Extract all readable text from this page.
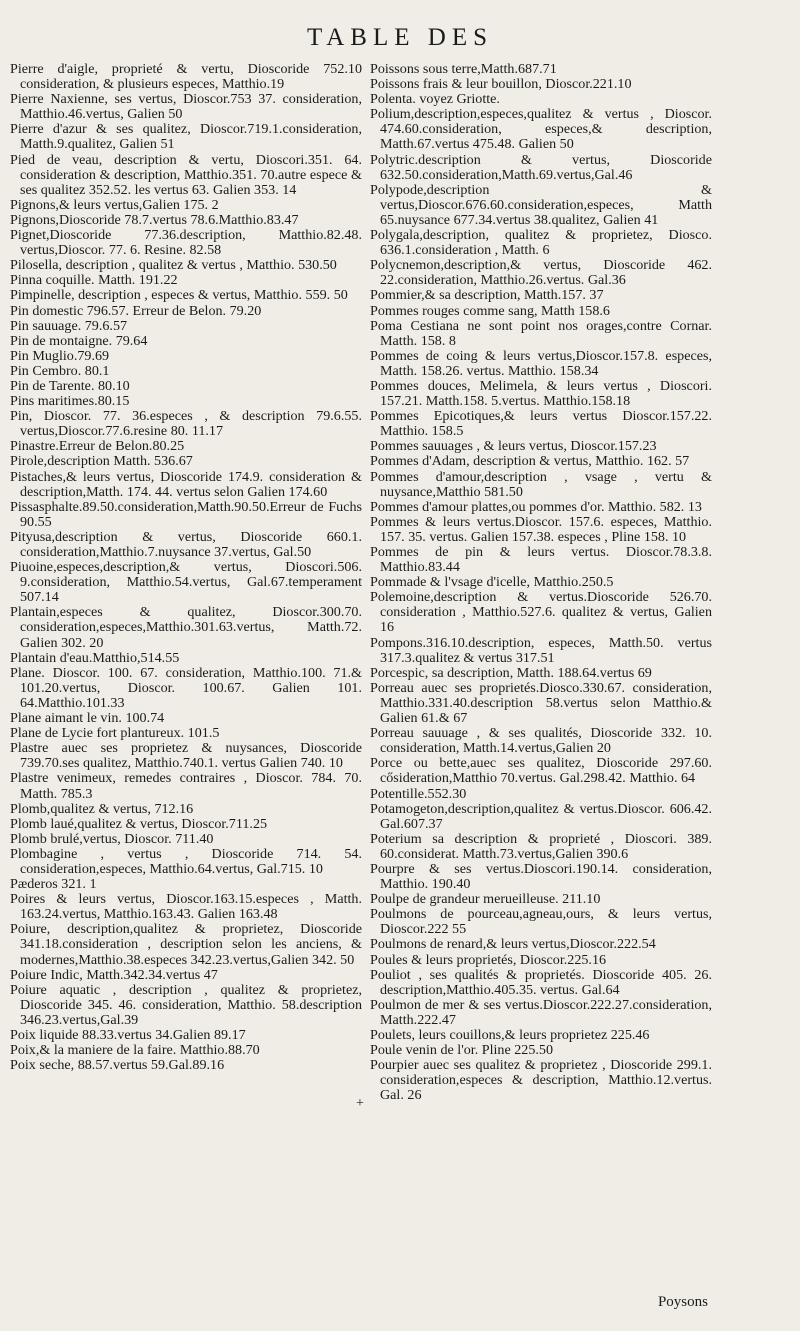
TABLE DES

Pierre d'aigle, proprieté & vertu, Dioscoride 752.10 consideration, & plusieurs especes, Matthio.19

Pierre Naxienne, ses vertus, Dioscor.753 37. consideration, Matthio.46.vertus, Galien 50

Pierre d'azur & ses qualitez, Dioscor.719.1.consideration, Matth.9.qualitez, Galien 51

Pied de veau, description & vertu, Dioscori.351. 64. consideration & description, Matthio.351. 70.autre espece & ses qualitez 352.52. les vertus 63. Galien 353. 14

Pignons,& leurs vertus,Galien 175. 2

Pignons,Dioscoride 78.7.vertus 78.6.Matthio.83.47

Pignet,Dioscoride 77.36.description, Matthio.82.48. vertus,Dioscor. 77. 6. Resine. 82.58

Pilosella, description , qualitez & vertus , Matthio. 530.50

Pinna coquille. Matth. 191.22

Pimpinelle, description , especes & vertus, Matthio. 559. 50

Pin domestic 796.57. Erreur de Belon. 79.20

Pin sauuage. 79.6.57

Pin de montaigne. 79.64

Pin Muglio.79.69

Pin Cembro. 80.1

Pin de Tarente. 80.10

Pins maritimes.80.15

Pin, Dioscor. 77. 36.especes , & description 79.6.55. vertus,Dioscor.77.6.resine 80. 11.17

Pinastre.Erreur de Belon.80.25

Pirole,description Matth. 536.67

Pistaches,& leurs vertus, Dioscoride 174.9. consideration & description,Matth. 174. 44. vertus selon Galien 174.60

Pissasphalte.89.50.consideration,Matth.90.50.Erreur de Fuchs 90.55

Pityusa,description & vertus, Dioscoride 660.1. consideration,Matthio.7.nuysance 37.vertus, Gal.50

Piuoine,especes,description,& vertus, Dioscori.506. 9.consideration, Matthio.54.vertus, Gal.67.temperament 507.14

Plantain,especes & qualitez, Dioscor.300.70. consideration,especes,Matthio.301.63.vertus, Matth.72. Galien 302. 20

Plantain d'eau.Matthio,514.55

Plane. Dioscor. 100. 67. consideration, Matthio.100. 71.& 101.20.vertus, Dioscor. 100.67. Galien 101. 64.Matthio.101.33

Plane aimant le vin. 100.74

Plane de Lycie fort plantureux. 101.5

Plastre auec ses proprietez & nuysances, Dioscoride 739.70.ses qualitez, Matthio.740.1. vertus Galien 740. 10

Plastre venimeux, remedes contraires , Dioscor. 784. 70. Matth. 785.3

Plomb,qualitez & vertus, 712.16

Plomb laué,qualitez & vertus, Dioscor.711.25

Plomb brulé,vertus, Dioscor. 711.40

Plombagine , vertus , Dioscoride 714. 54. consideration,especes, Matthio.64.vertus, Gal.715. 10

Pæderos 321. 1

Poires & leurs vertus, Dioscor.163.15.especes , Matth. 163.24.vertus, Matthio.163.43. Galien 163.48

Poiure, description,qualitez & proprietez, Dioscoride 341.18.consideration , description selon les anciens, & modernes,Matthio.38.especes 342.23.vertus,Galien 342. 50

Poiure Indic, Matth.342.34.vertus 47

Poiure aquatic , description , qualitez & proprietez, Dioscoride 345. 46. consideration, Matthio. 58.description 346.23.vertus,Gal.39

Poix liquide 88.33.vertus 34.Galien 89.17

Poix,& la maniere de la faire. Matthio.88.70

Poix seche, 88.57.vertus 59.Gal.89.16

Poissons sous terre,Matth.687.71

Poissons frais & leur bouillon, Dioscor.221.10

Polenta. voyez Griotte.

Polium,description,especes,qualitez & vertus , Dioscor. 474.60.consideration, especes,& description, Matth.67.vertus 475.48. Galien 50

Polytric.description & vertus, Dioscoride 632.50.consideration,Matth.69.vertus,Gal.46

Polypode,description & vertus,Dioscor.676.60.consideration,especes, Matth 65.nuysance 677.34.vertus 38.qualitez, Galien 41

Polygala,description, qualitez & proprietez, Diosco. 636.1.consideration , Matth. 6

Polycnemon,description,& vertus, Dioscoride 462. 22.consideration, Matthio.26.vertus. Gal.36

Pommier,& sa description, Matth.157. 37

Pommes rouges comme sang, Matth 158.6

Poma Cestiana ne sont point nos orages,contre Cornar. Matth. 158. 8

Pommes de coing & leurs vertus,Dioscor.157.8. especes, Matth. 158.26. vertus. Matthio. 158.34

Pommes douces, Melimela, & leurs vertus , Dioscori. 157.21. Matth.158. 5.vertus. Matthio.158.18

Pommes Epicotiques,& leurs vertus Dioscor.157.22. Matthio. 158.5

Pommes sauuages , & leurs vertus, Dioscor.157.23

Pommes d'Adam, description & vertus, Matthio. 162. 57

Pommes d'amour,description , vsage , vertu & nuysance,Matthio 581.50

Pommes d'amour plattes,ou pommes d'or. Matthio. 582. 13

Pommes & leurs vertus.Dioscor. 157.6. especes, Matthio. 157. 35. vertus. Galien 157.38. especes , Pline 158. 10

Pommes de pin & leurs vertus. Dioscor.78.3.8. Matthio.83.44

Pommade & l'vsage d'icelle, Matthio.250.5

Polemoine,description & vertus.Dioscoride 526.70. consideration , Matthio.527.6. qualitez & vertus, Galien 16

Pompons.316.10.description, especes, Matth.50. vertus 317.3.qualitez & vertus 317.51

Porcespic, sa description, Matth. 188.64.vertus 69

Porreau auec ses proprietés.Diosco.330.67. consideration, Matthio.331.40.description 58.vertus selon Matthio.& Galien 61.& 67

Porreau sauuage , & ses qualités, Dioscoride 332. 10. consideration, Matth.14.vertus,Galien 20

Porce ou bette,auec ses qualitez, Dioscoride 297.60. cősideration,Matthio 70.vertus. Gal.298.42. Matthio. 64

Potentille.552.30

Potamogeton,description,qualitez & vertus.Dioscor. 606.42. Gal.607.37

Poterium sa description & proprieté , Dioscori. 389. 60.considerat. Matth.73.vertus,Galien 390.6

Pourpre & ses vertus.Dioscori.190.14. consideration, Matthio. 190.40

Poulpe de grandeur merueilleuse. 211.10

Poulmons de pourceau,agneau,ours, & leurs vertus, Dioscor.222 55

Poulmons de renard,& leurs vertus,Dioscor.222.54

Poules & leurs proprietés, Dioscor.225.16

Pouliot , ses qualités & proprietés. Dioscoride 405. 26. description,Matthio.405.35. vertus. Gal.64

Poulmon de mer & ses vertus.Dioscor.222.27.consideration, Matth.222.47

Poulets, leurs couillons,& leurs proprietez 225.46

Poule venin de l'or. Pline 225.50

Pourpier auec ses qualitez & proprietez , Dioscoride 299.1. consideration,especes & description, Matthio.12.vertus. Gal. 26

+
Poysons
